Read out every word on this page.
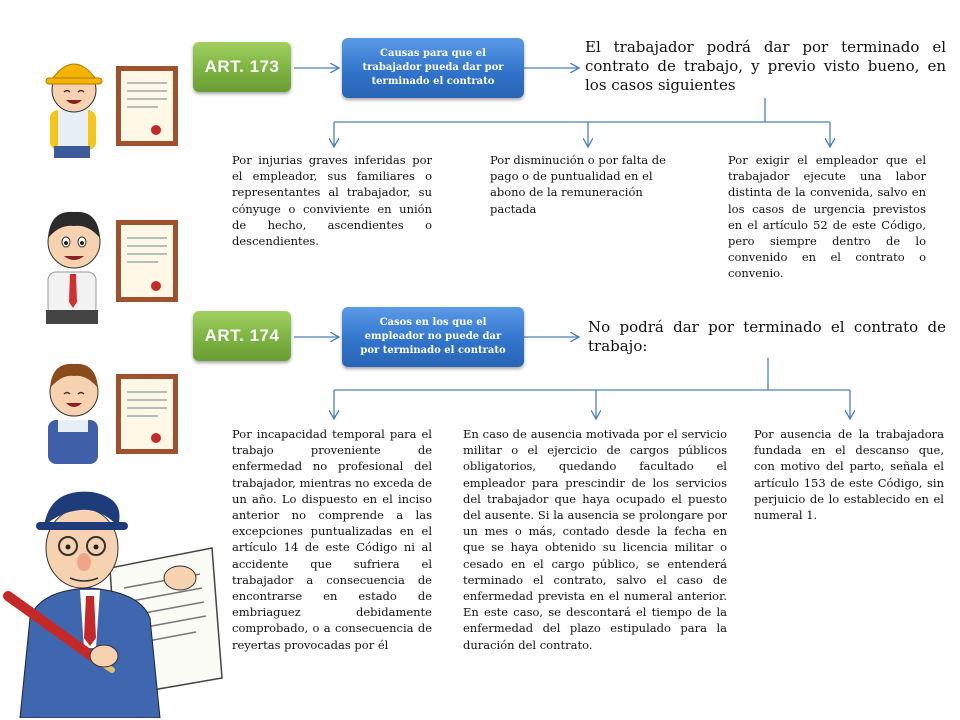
ART. 173
Causas para que el trabajador pueda dar por terminado el contrato
El trabajador podrá dar por terminado el contrato de trabajo, y previo visto bueno, en los casos siguientes
Por injurias graves inferidas por el empleador, sus familiares o representantes al trabajador, su cónyuge o conviviente en unión de hecho, ascendientes o descendientes.
Por disminución o por falta de pago o de puntualidad en el abono de la remuneración pactada
Por exigir el empleador que el trabajador ejecute una labor distinta de la convenida, salvo en los casos de urgencia previstos en el artículo 52 de este Código, pero siempre dentro de lo convenido en el contrato o convenio.
ART. 174
Casos en los que el empleador no puede dar por terminado el contrato
No podrá dar por terminado el contrato de trabajo:
Por incapacidad temporal para el trabajo proveniente de enfermedad no profesional del trabajador, mientras no exceda de un año. Lo dispuesto en el inciso anterior no comprende a las excepciones puntualizadas en el artículo 14 de este Código ni al accidente que sufriera el trabajador a consecuencia de encontrarse en estado de embriaguez debidamente comprobado, o a consecuencia de reyertas provocadas por él
En caso de ausencia motivada por el servicio militar o el ejercicio de cargos públicos obligatorios, quedando facultado el empleador para prescindir de los servicios del trabajador que haya ocupado el puesto del ausente. Si la ausencia se prolongare por un mes o más, contado desde la fecha en que se haya obtenido su licencia militar o cesado en el cargo público, se entenderá terminado el contrato, salvo el caso de enfermedad prevista en el numeral anterior. En este caso, se descontará el tiempo de la enfermedad del plazo estipulado para la duración del contrato.
Por ausencia de la trabajadora fundada en el descanso que, con motivo del parto, señala el artículo 153 de este Código, sin perjuicio de lo establecido en el numeral 1.
